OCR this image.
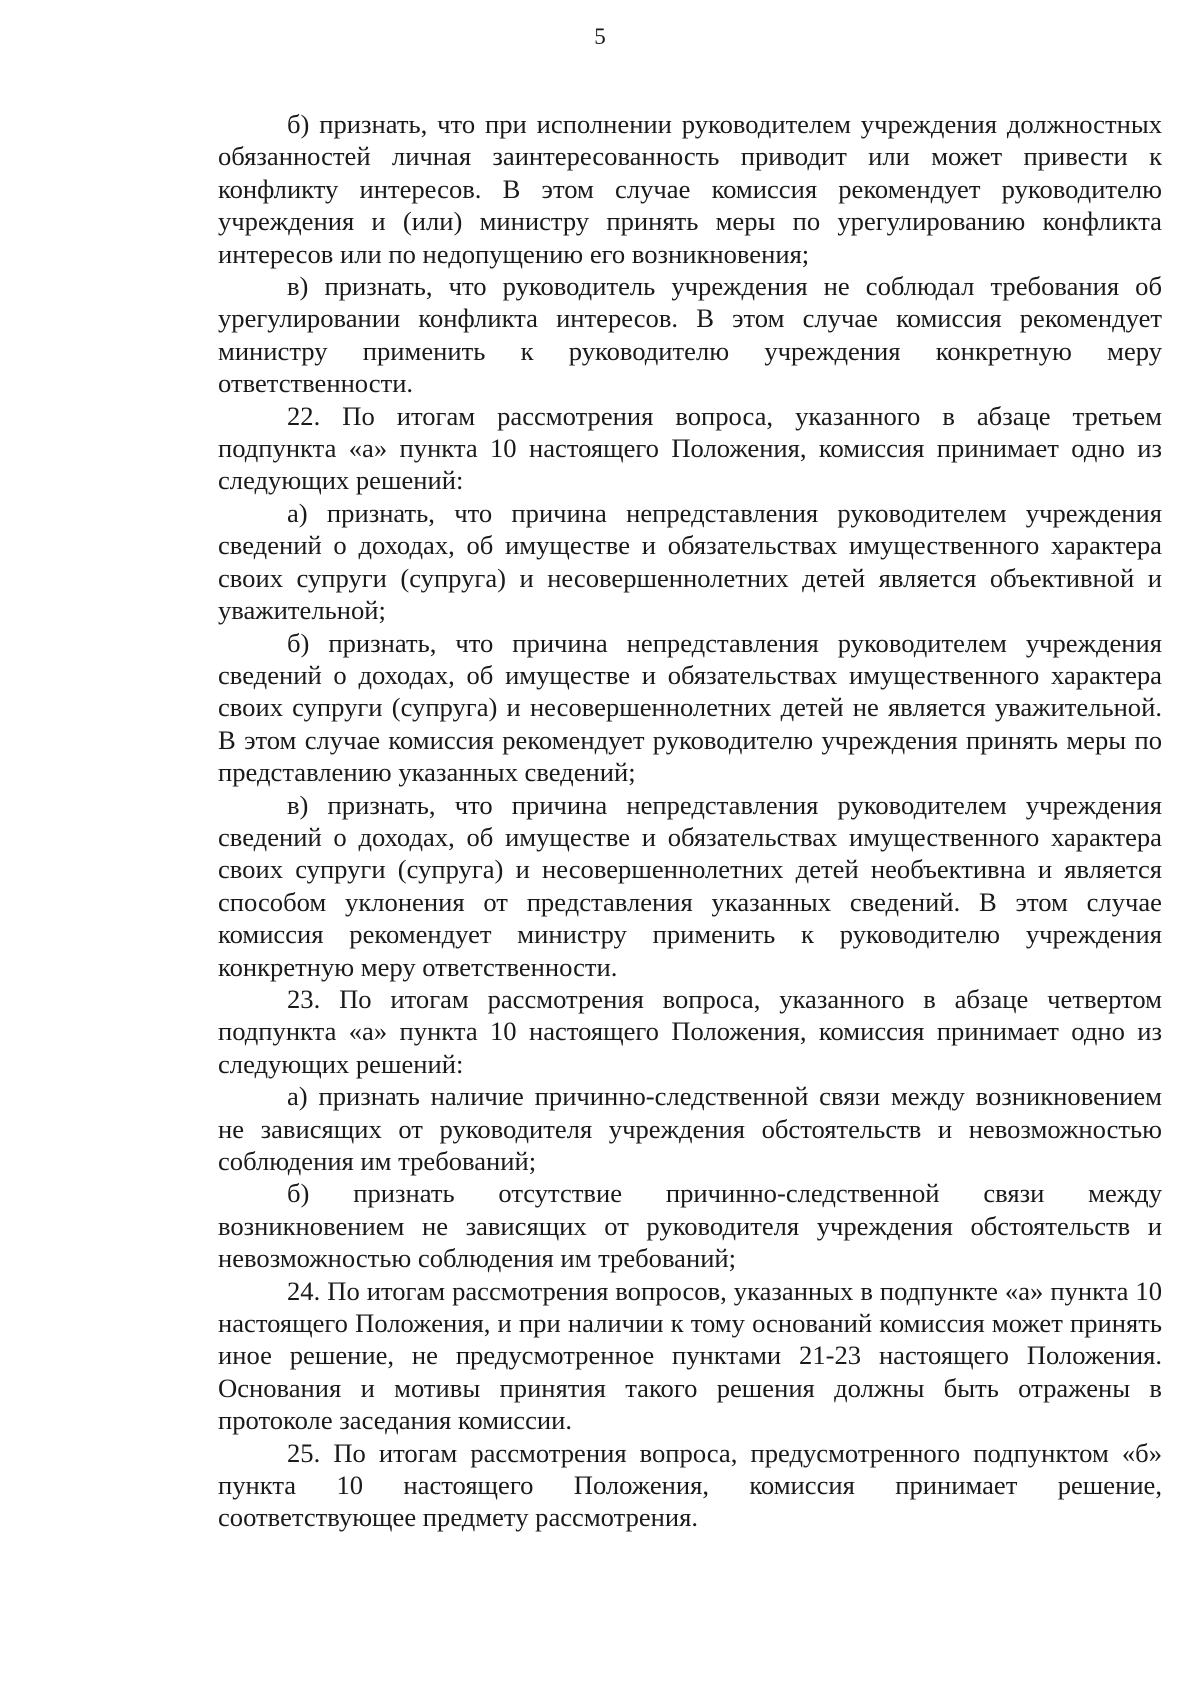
5

б) признать, что при исполнении руководителем учреждения должностных обязанностей личная заинтересованность приводит или может привести к конфликту интересов. В этом случае комиссия рекомендует руководителю учреждения и (или) министру принять меры по урегулированию конфликта интересов или по недопущению его возникновения;

в) признать, что руководитель учреждения не соблюдал требования об урегулировании конфликта интересов. В этом случае комиссия рекомендует министру применить к руководителю учреждения конкретную меру ответственности.

22. По итогам рассмотрения вопроса, указанного в абзаце третьем подпункта «а» пункта 10 настоящего Положения, комиссия принимает одно из следующих решений:

а) признать, что причина непредставления руководителем учреждения сведений о доходах, об имуществе и обязательствах имущественного характера своих супруги (супруга) и несовершеннолетних детей является объективной и уважительной;

б) признать, что причина непредставления руководителем учреждения сведений о доходах, об имуществе и обязательствах имущественного характера своих супруги (супруга) и несовершеннолетних детей не является уважительной. В этом случае комиссия рекомендует руководителю учреждения принять меры по представлению указанных сведений;

в) признать, что причина непредставления руководителем учреждения сведений о доходах, об имуществе и обязательствах имущественного характера своих супруги (супруга) и несовершеннолетних детей необъективна и является способом уклонения от представления указанных сведений. В этом случае комиссия рекомендует министру применить к руководителю учреждения конкретную меру ответственности.

23. По итогам рассмотрения вопроса, указанного в абзаце четвертом подпункта «а» пункта 10 настоящего Положения, комиссия принимает одно из следующих решений:

а) признать наличие причинно-следственной связи между возникновением не зависящих от руководителя учреждения обстоятельств и невозможностью соблюдения им требований;

б) признать отсутствие причинно-следственной связи между возникновением не зависящих от руководителя учреждения обстоятельств и невозможностью соблюдения им требований;

24. По итогам рассмотрения вопросов, указанных в подпункте «а» пункта 10 настоящего Положения, и при наличии к тому оснований комиссия может принять иное решение, не предусмотренное пунктами 21-23 настоящего Положения. Основания и мотивы принятия такого решения должны быть отражены в протоколе заседания комиссии.

25. По итогам рассмотрения вопроса, предусмотренного подпунктом «б» пункта 10 настоящего Положения, комиссия принимает решение, соответствующее предмету рассмотрения.
